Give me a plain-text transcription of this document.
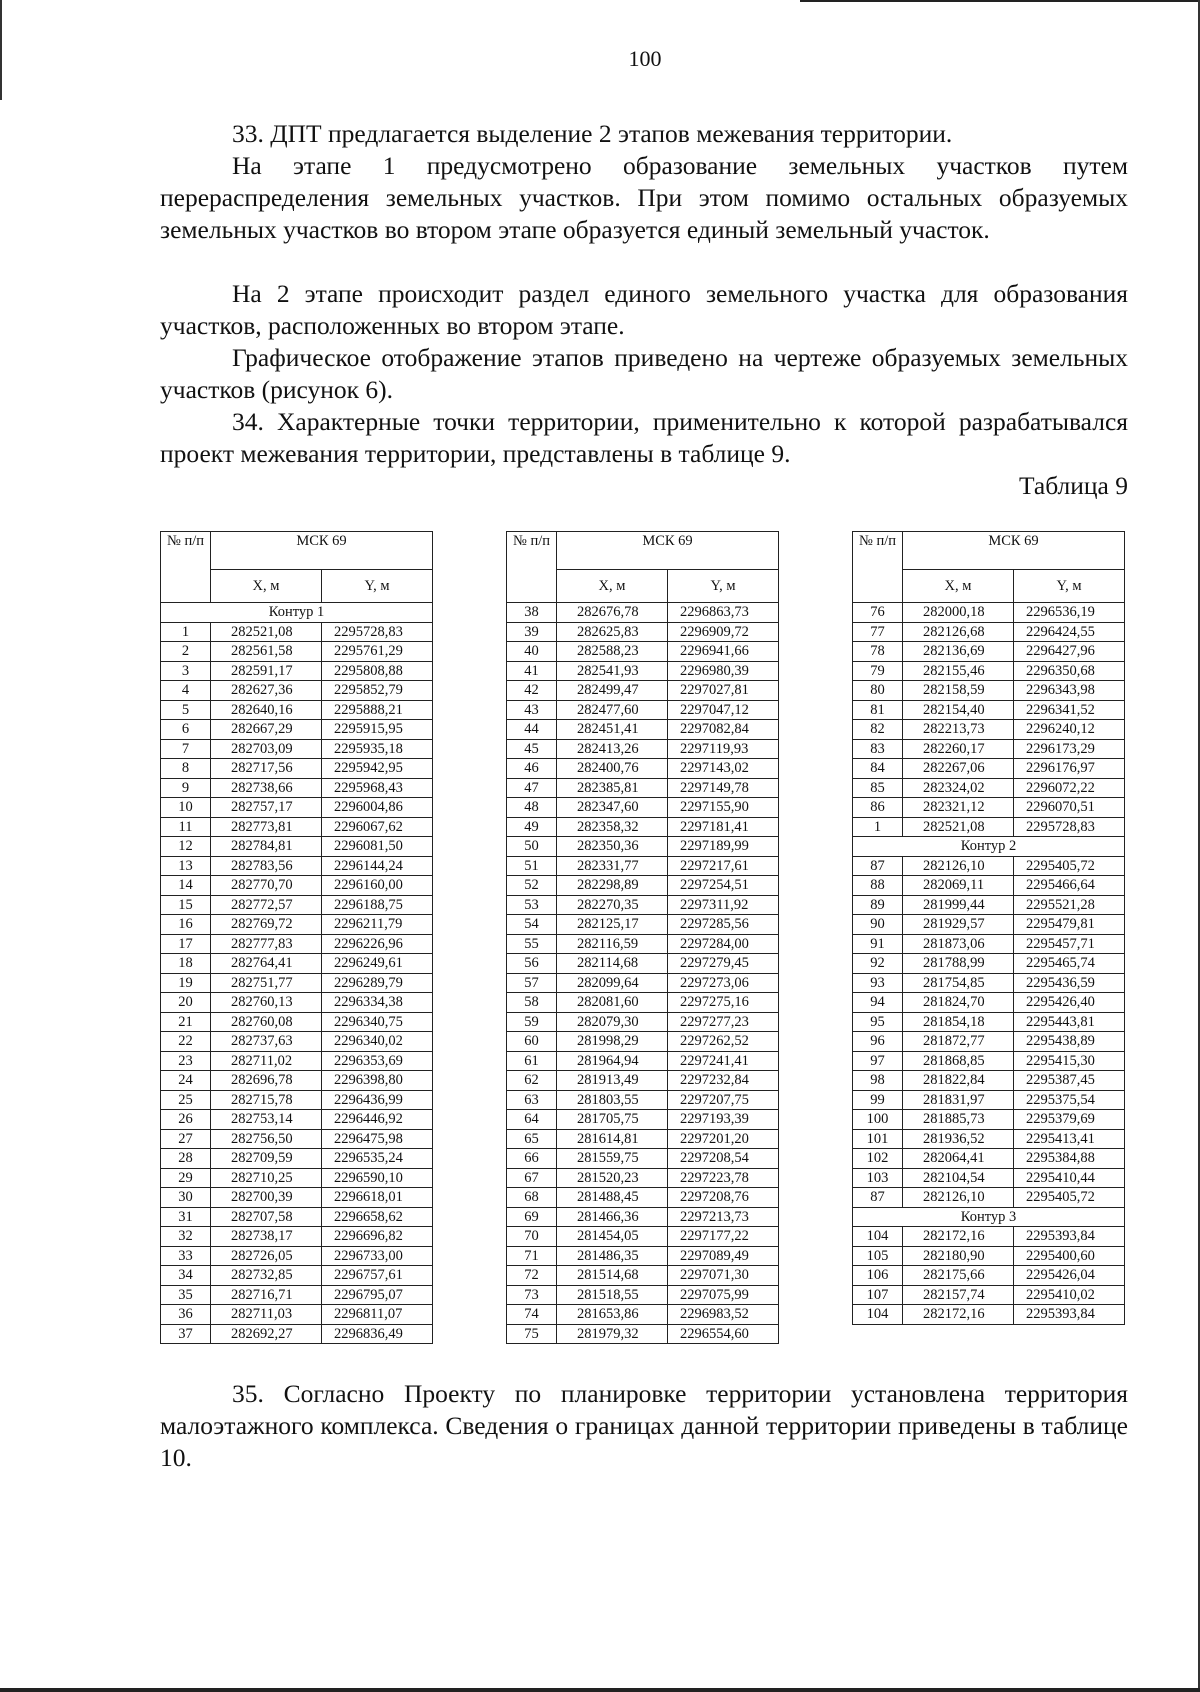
100

33. ДПТ предлагается выделение 2 этапов межевания территории.

На этапе 1 предусмотрено образование земельных участков путем перераспределения земельных участков. При этом помимо остальных образуемых земельных участков во втором этапе образуется единый земельный участок.

На 2 этапе происходит раздел единого земельного участка для образования участков, расположенных во втором этапе.

Графическое отображение этапов приведено на чертеже образуемых земельных участков (рисунок 6).

34. Характерные точки территории, применительно к которой разрабатывался проект межевания территории, представлены в таблице 9.

Таблица 9
№ п/п	МСК 69	
	X, м	Y, м
Контур 1		
1	282521,08	2295728,83
2	282561,58	2295761,29
3	282591,17	2295808,88
4	282627,36	2295852,79
5	282640,16	2295888,21
6	282667,29	2295915,95
7	282703,09	2295935,18
8	282717,56	2295942,95
9	282738,66	2295968,43
10	282757,17	2296004,86
11	282773,81	2296067,62
12	282784,81	2296081,50
13	282783,56	2296144,24
14	282770,70	2296160,00
15	282772,57	2296188,75
16	282769,72	2296211,79
17	282777,83	2296226,96
18	282764,41	2296249,61
19	282751,77	2296289,79
20	282760,13	2296334,38
21	282760,08	2296340,75
22	282737,63	2296340,02
23	282711,02	2296353,69
24	282696,78	2296398,80
25	282715,78	2296436,99
26	282753,14	2296446,92
27	282756,50	2296475,98
28	282709,59	2296535,24
29	282710,25	2296590,10
30	282700,39	2296618,01
31	282707,58	2296658,62
32	282738,17	2296696,82
33	282726,05	2296733,00
34	282732,85	2296757,61
35	282716,71	2296795,07
36	282711,03	2296811,07
37	282692,27	2296836,49
№ п/п	МСК 69	
	X, м	Y, м
38	282676,78	2296863,73
39	282625,83	2296909,72
40	282588,23	2296941,66
41	282541,93	2296980,39
42	282499,47	2297027,81
43	282477,60	2297047,12
44	282451,41	2297082,84
45	282413,26	2297119,93
46	282400,76	2297143,02
47	282385,81	2297149,78
48	282347,60	2297155,90
49	282358,32	2297181,41
50	282350,36	2297189,99
51	282331,77	2297217,61
52	282298,89	2297254,51
53	282270,35	2297311,92
54	282125,17	2297285,56
55	282116,59	2297284,00
56	282114,68	2297279,45
57	282099,64	2297273,06
58	282081,60	2297275,16
59	282079,30	2297277,23
60	281998,29	2297262,52
61	281964,94	2297241,41
62	281913,49	2297232,84
63	281803,55	2297207,75
64	281705,75	2297193,39
65	281614,81	2297201,20
66	281559,75	2297208,54
67	281520,23	2297223,78
68	281488,45	2297208,76
69	281466,36	2297213,73
70	281454,05	2297177,22
71	281486,35	2297089,49
72	281514,68	2297071,30
73	281518,55	2297075,99
74	281653,86	2296983,52
75	281979,32	2296554,60
№ п/п	МСК 69	
	X, м	Y, м
76	282000,18	2296536,19
77	282126,68	2296424,55
78	282136,69	2296427,96
79	282155,46	2296350,68
80	282158,59	2296343,98
81	282154,40	2296341,52
82	282213,73	2296240,12
83	282260,17	2296173,29
84	282267,06	2296176,97
85	282324,02	2296072,22
86	282321,12	2296070,51
1	282521,08	2295728,83
Контур 2		
87	282126,10	2295405,72
88	282069,11	2295466,64
89	281999,44	2295521,28
90	281929,57	2295479,81
91	281873,06	2295457,71
92	281788,99	2295465,74
93	281754,85	2295436,59
94	281824,70	2295426,40
95	281854,18	2295443,81
96	281872,77	2295438,89
97	281868,85	2295415,30
98	281822,84	2295387,45
99	281831,97	2295375,54
100	281885,73	2295379,69
101	281936,52	2295413,41
102	282064,41	2295384,88
103	282104,54	2295410,44
87	282126,10	2295405,72
Контур 3		
104	282172,16	2295393,84
105	282180,90	2295400,60
106	282175,66	2295426,04
107	282157,74	2295410,02
104	282172,16	2295393,84

35. Согласно Проекту по планировке территории установлена территория малоэтажного комплекса. Сведения о границах данной территории приведены в таблице 10.
